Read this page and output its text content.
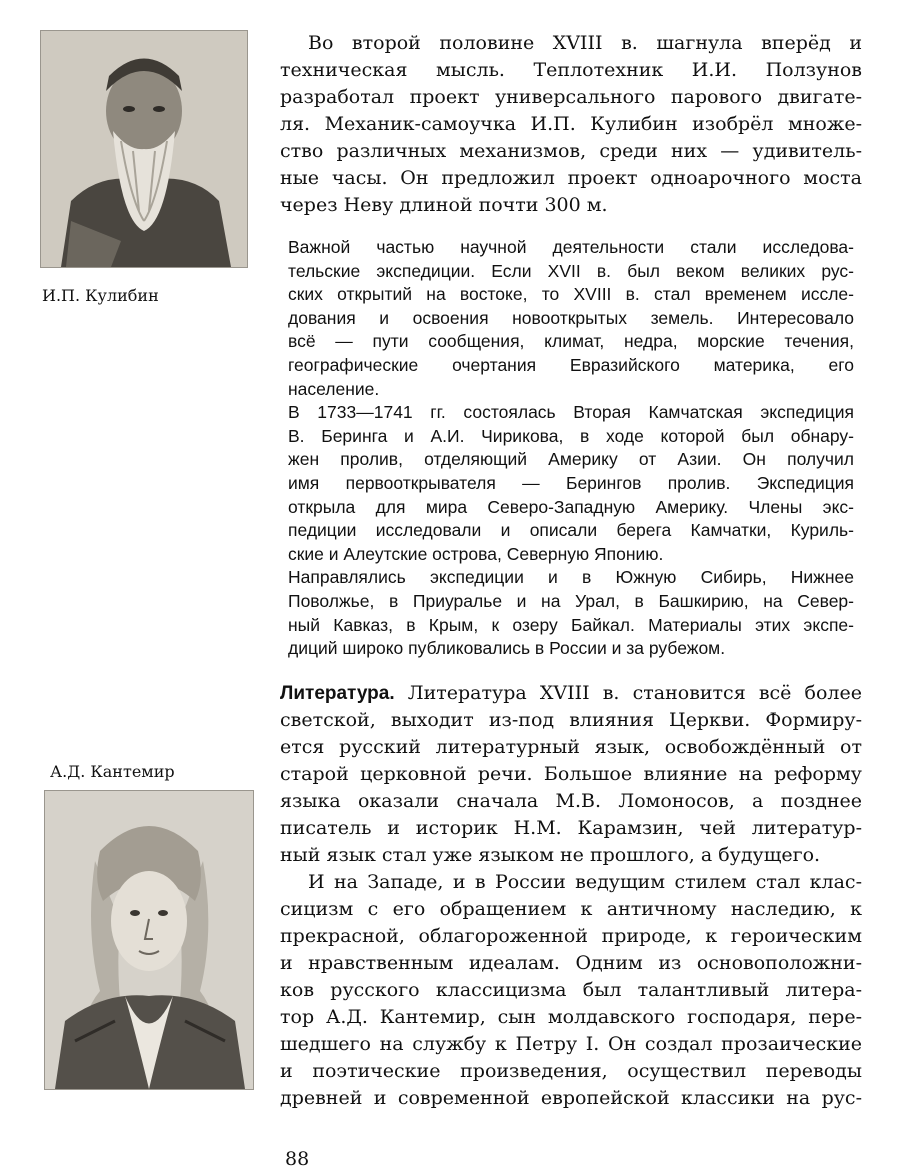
И.П. Кулибин
Во второй половине XVIII в. шагнула вперёд и
техническая мысль. Теплотехник И.И. Ползунов
разработал проект универсального парового двигате-
ля. Механик-самоучка И.П. Кулибин изобрёл множе-
ство различных механизмов, среди них — удивитель-
ные часы. Он предложил проект одноарочного моста
через Неву длиной почти 300 м.
Важной частью научной деятельности стали исследова-
тельские экспедиции. Если XVII в. был веком великих рус-
ских открытий на востоке, то XVIII в. стал временем иссле-
дования и освоения новооткрытых земель. Интересовало
всё — пути сообщения, климат, недра, морские течения,
географические очертания Евразийского материка, его
население.
В 1733—1741 гг. состоялась Вторая Камчатская экспедиция
В. Беринга и А.И. Чирикова, в ходе которой был обнару-
жен пролив, отделяющий Америку от Азии. Он получил
имя первооткрывателя — Берингов пролив. Экспедиция
открыла для мира Северо-Западную Америку. Члены экс-
педиции исследовали и описали берега Камчатки, Куриль-
ские и Алеутские острова, Северную Японию.
Направлялись экспедиции и в Южную Сибирь, Нижнее
Поволжье, в Приуралье и на Урал, в Башкирию, на Север-
ный Кавказ, в Крым, к озеру Байкал. Материалы этих экспе-
диций широко публиковались в России и за рубежом.
Литература. Литература XVIII в. становится всё более
светской, выходит из-под влияния Церкви. Формиру-
ется русский литературный язык, освобождённый от
старой церковной речи. Большое влияние на реформу
языка оказали сначала М.В. Ломоносов, а позднее
писатель и историк Н.М. Карамзин, чей литератур-
ный язык стал уже языком не прошлого, а будущего.
И на Западе, и в России ведущим стилем стал клас-
сицизм с его обращением к античному наследию, к
прекрасной, облагороженной природе, к героическим
и нравственным идеалам. Одним из основоположни-
ков русского классицизма был талантливый литера-
тор А.Д. Кантемир, сын молдавского господаря, пере-
шедшего на службу к Петру I. Он создал прозаические
и поэтические произведения, осуществил переводы
древней и современной европейской классики на рус-
А.Д. Кантемир
88
